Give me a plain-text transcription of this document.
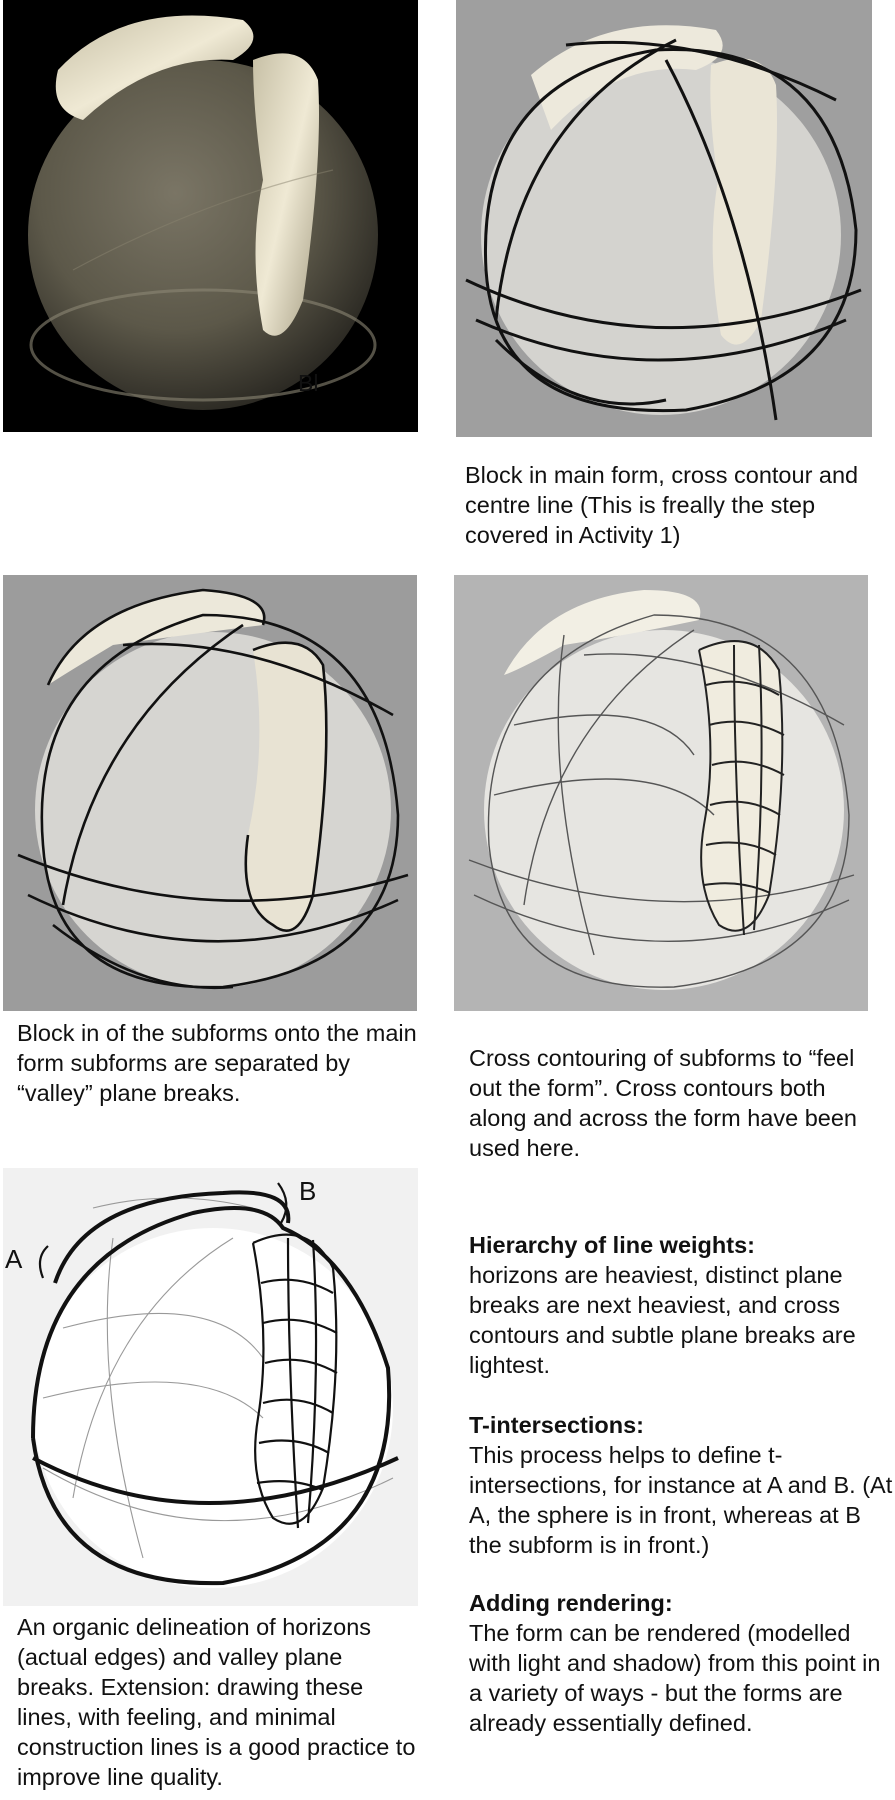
Bl

Block in main form, cross contour and centre line (This is freally the step covered in Activity 1)

Block in of the subforms onto the main form subforms are separated by “valley” plane breaks.

Cross contouring of subforms to “feel out the form”. Cross contours both along and across the form have been used here.

A
B

An organic delineation of horizons (actual edges) and valley plane breaks. Extension: drawing these lines, with feeling, and minimal construction lines is a good practice to improve line quality.

Hierarchy of line weights:
horizons are heaviest, distinct plane breaks are next heaviest, and cross contours and subtle plane breaks are lightest.
T-intersections:
This process helps to define t-intersections, for instance at A and B. (At A, the sphere is in front, whereas at B the subform is in front.)
Adding rendering:
The form can be rendered (modelled with light and shadow) from this point in a variety of ways - but the forms are already essentially defined.
